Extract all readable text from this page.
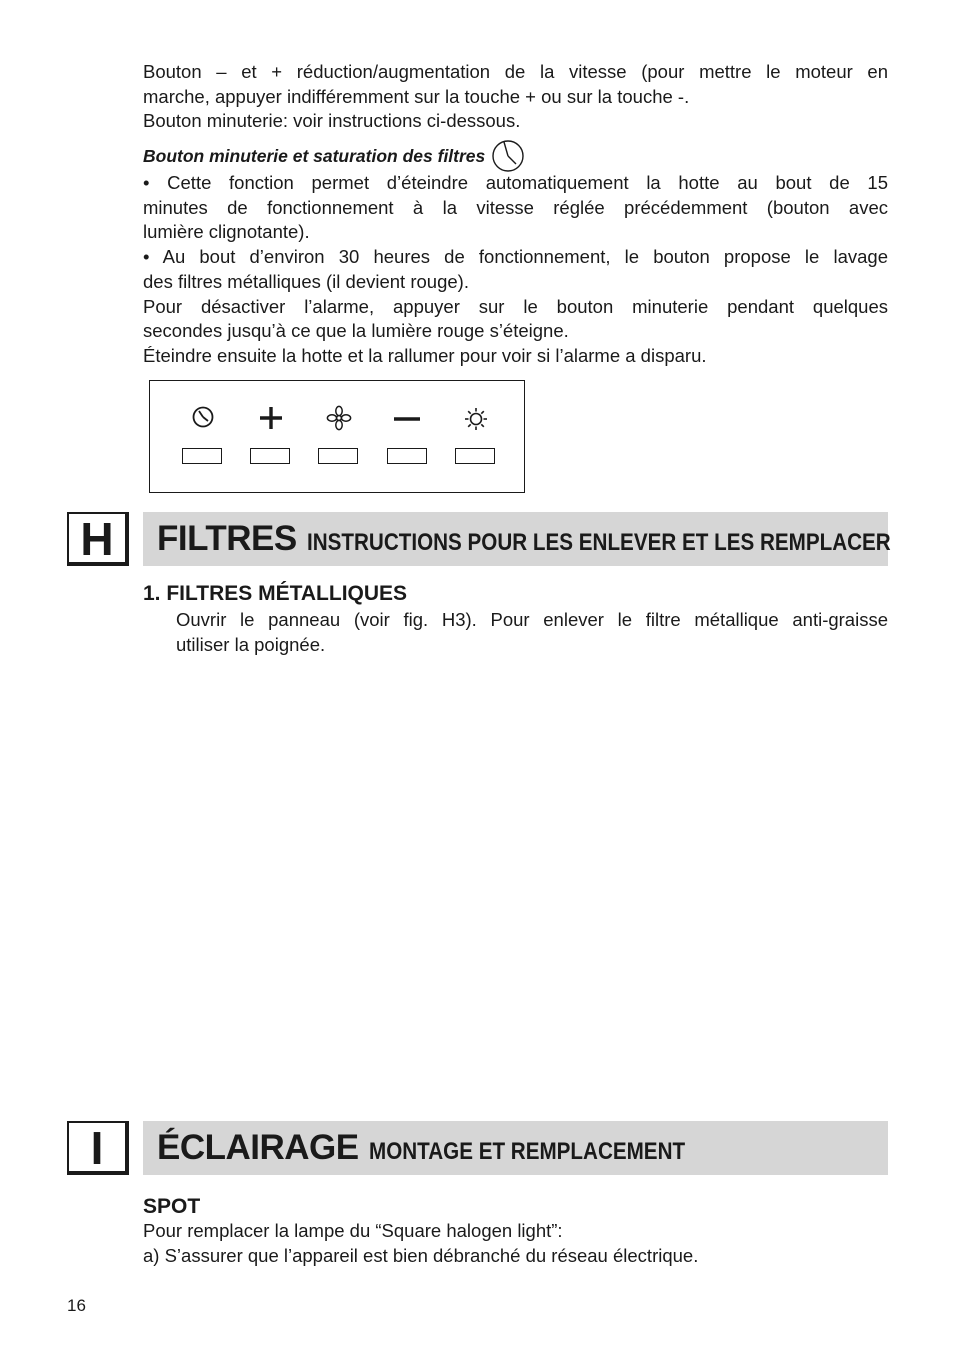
Bouton – et + réduction/augmentation de la vitesse (pour mettre le moteur en
marche, appuyer indifféremment sur la touche + ou sur la touche -.
Bouton minuterie: voir instructions ci-dessous.
Bouton minuterie et saturation des filtres
• Cette fonction permet d’éteindre automatiquement la hotte au bout de 15
minutes de fonctionnement à la vitesse réglée précédemment (bouton avec
lumière clignotante).
• Au bout d’environ 30 heures de fonctionnement, le bouton propose le lavage
des filtres métalliques (il devient rouge).
Pour désactiver l’alarme, appuyer sur le bouton minuterie pendant quelques
secondes jusqu’à ce que la lumière rouge s’éteigne.
Éteindre ensuite la hotte et la rallumer pour voir si l’alarme a disparu.
H	FILTRES INSTRUCTIONS POUR LES ENLEVER ET LES REMPLACER
1. FILTRES MÉTALLIQUES
Ouvrir le panneau (voir fig. H3). Pour enlever le filtre métallique anti-graisse
utiliser la poignée.
I	ÉCLAIRAGE MONTAGE ET REMPLACEMENT
SPOT
Pour remplacer la lampe du “Square halogen light”:
a) S’assurer que l’appareil est bien débranché du réseau électrique.
16
